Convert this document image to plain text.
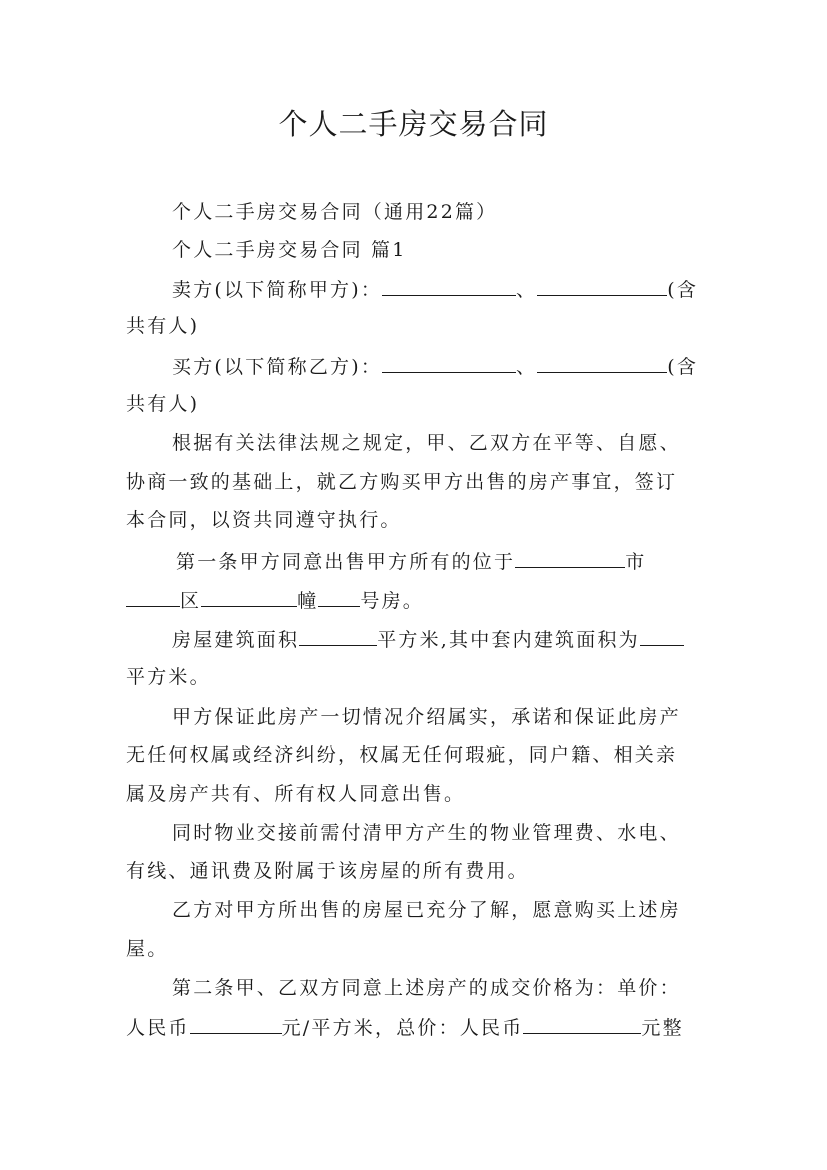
个人二手房交易合同
个人二手房交易合同（通用22篇）
个人二手房交易合同 篇1
卖方(以下简称甲方)：	、	(含
共有人)
买方(以下简称乙方)：	、	(含
共有人)
根据有关法律法规之规定，甲、乙双方在平等、自愿、
协商一致的基础上，就乙方购买甲方出售的房产事宜，签订
本合同，以资共同遵守执行。
第一条甲方同意出售甲方所有的位于	市
区	幢 号房。
房屋建筑面积	平方米,其中套内建筑面积为
平方米。
甲方保证此房产一切情况介绍属实，承诺和保证此房产
无任何权属或经济纠纷，权属无任何瑕疵，同户籍、相关亲
属及房产共有、所有权人同意出售。
同时物业交接前需付清甲方产生的物业管理费、水电、
有线、通讯费及附属于该房屋的所有费用。
乙方对甲方所出售的房屋已充分了解，愿意购买上述房
屋。
第二条甲、乙双方同意上述房产的成交价格为：单价：
人民币	元/平方米，总价：人民币	元整
